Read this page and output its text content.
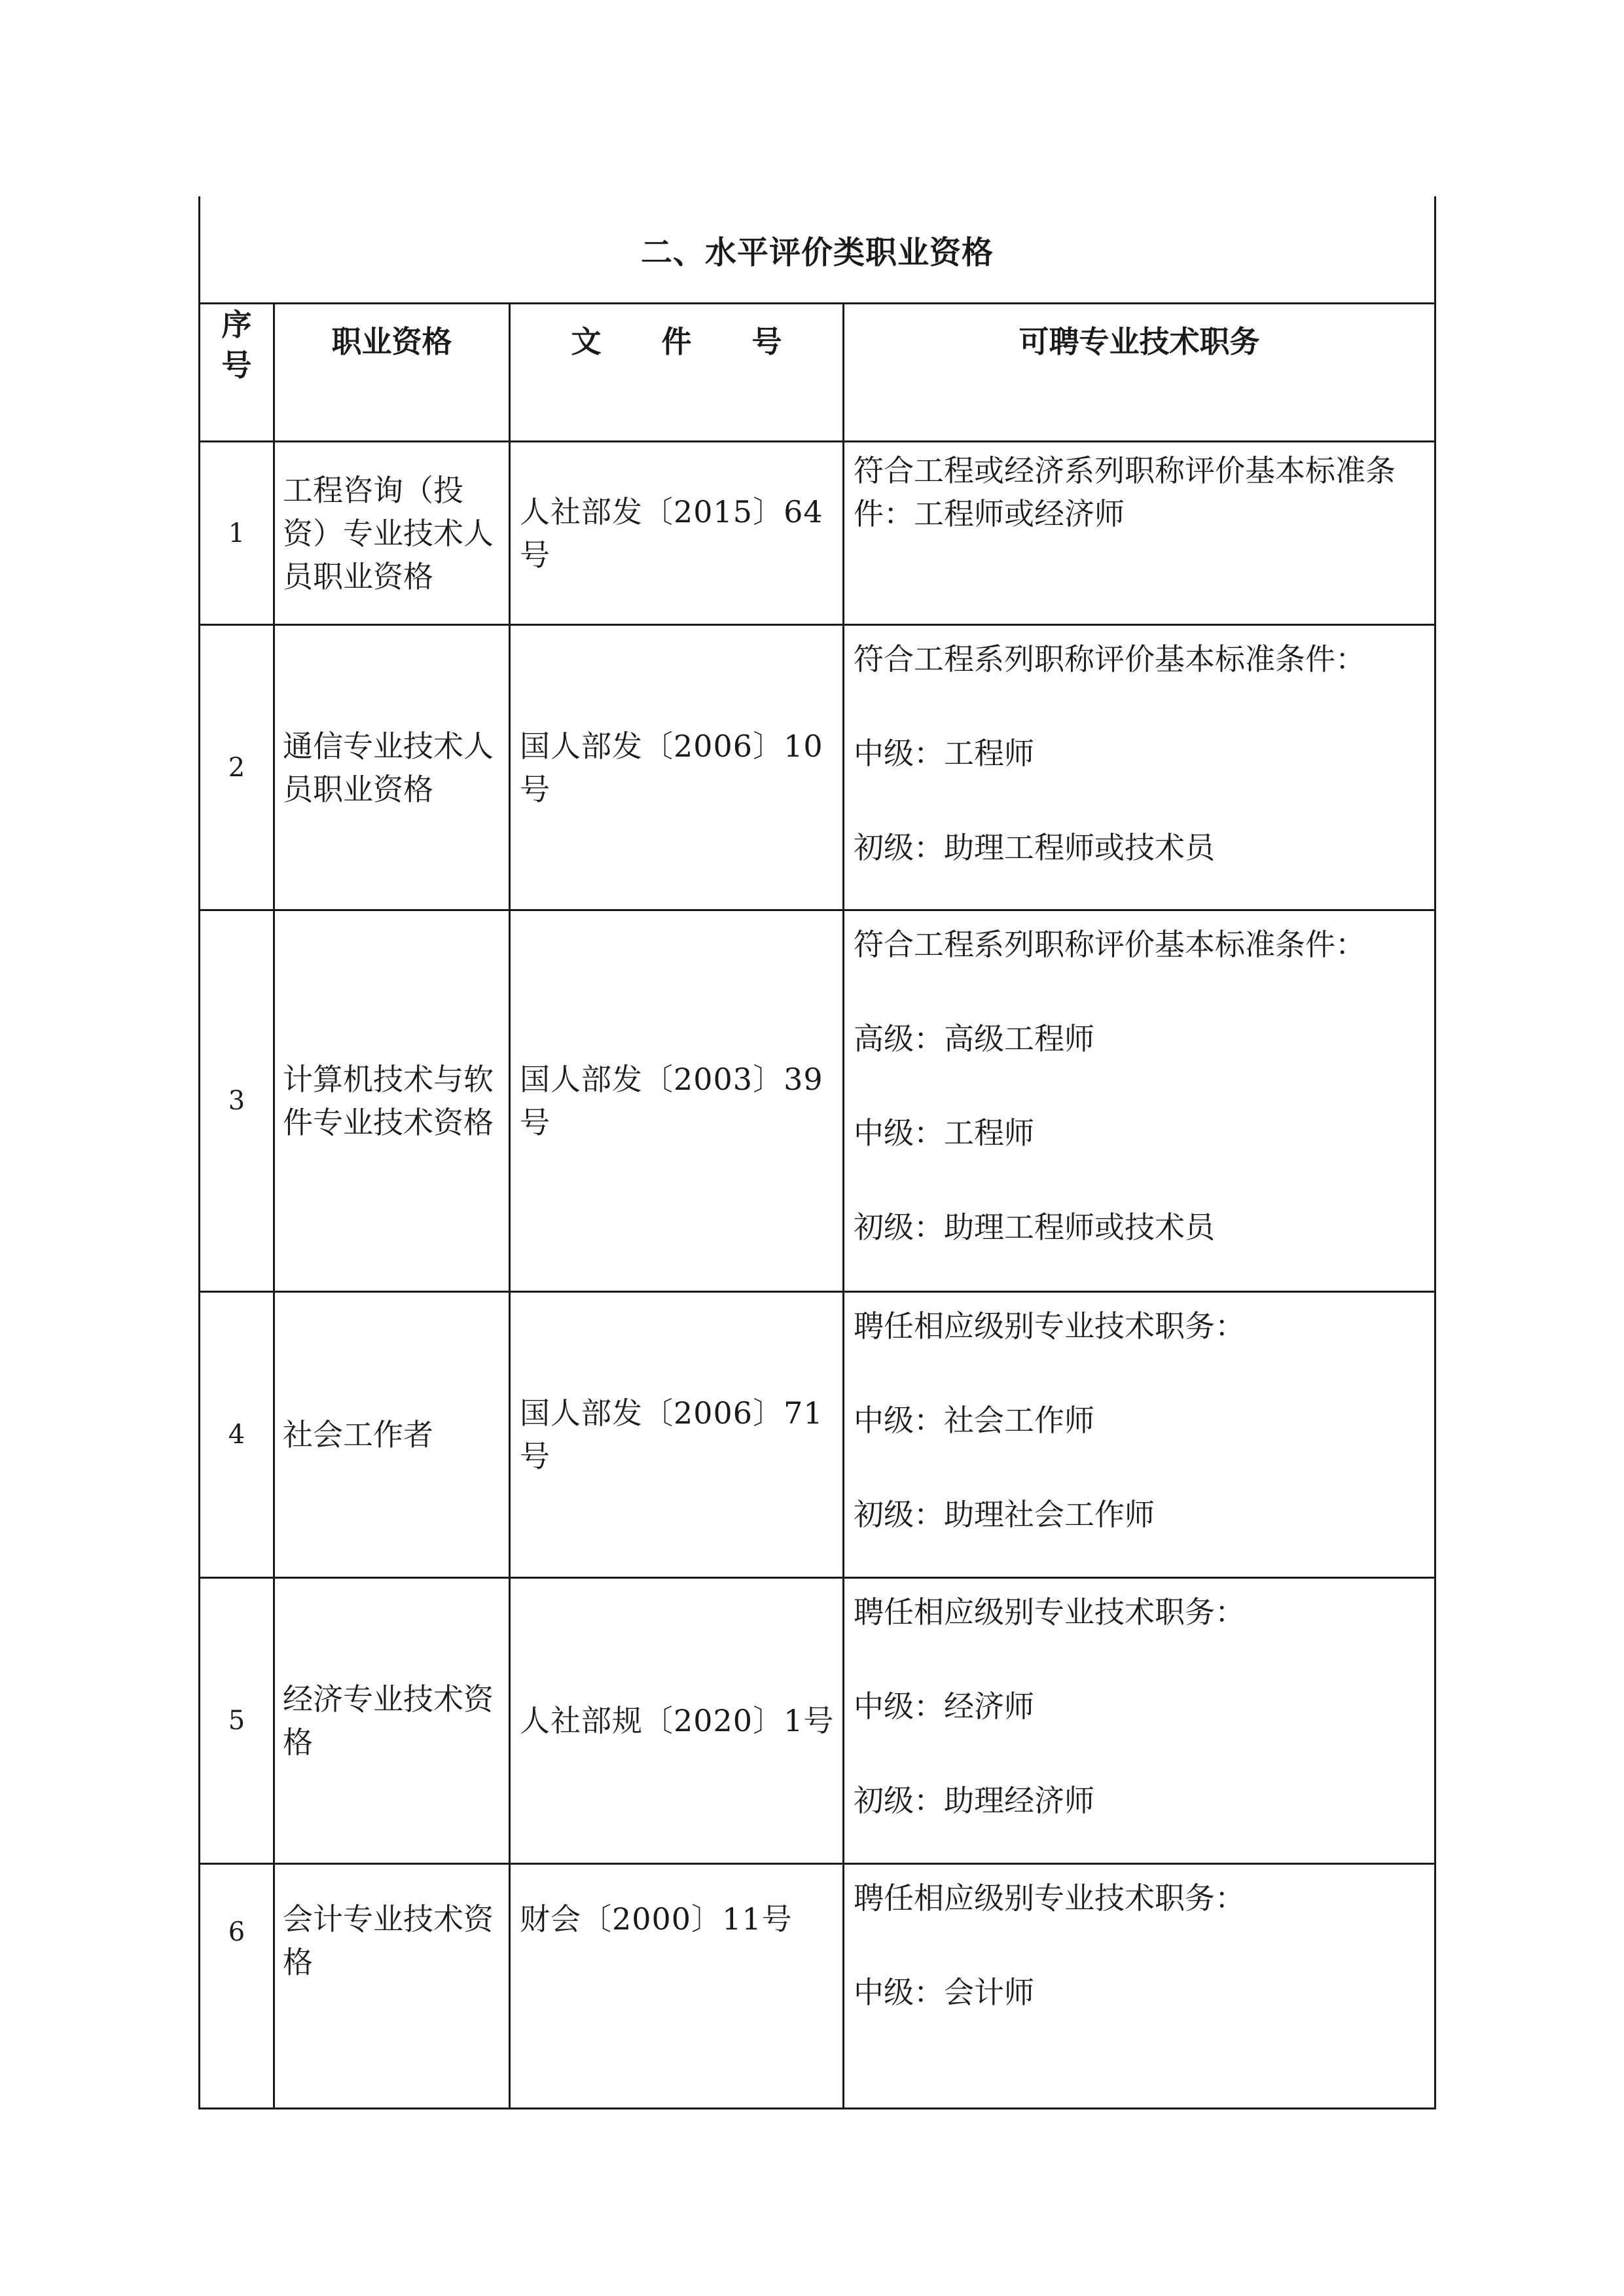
二、水平评价类职业资格			

序号	职业资格	文 件 号	可聘专业技术职务

1	工程咨询（投资）专业技术人员职业资格	人社部发〔2015〕64号	符合工程或经济系列职称评价基本标准条件：工程师或经济师

2	通信专业技术人员职业资格	国人部发〔2006〕10号	符合工程系列职称评价基本标准条件：
中级：工程师
初级：助理工程师或技术员

3	计算机技术与软件专业技术资格	国人部发〔2003〕39号	符合工程系列职称评价基本标准条件：
高级：高级工程师
中级：工程师
初级：助理工程师或技术员

4	社会工作者	国人部发〔2006〕71号	聘任相应级别专业技术职务：
中级：社会工作师
初级：助理社会工作师

5	经济专业技术资格	人社部规〔2020〕1号	聘任相应级别专业技术职务：
中级：经济师
初级：助理经济师

6	会计专业技术资格	财会〔2000〕11号	聘任相应级别专业技术职务：
中级：会计师
